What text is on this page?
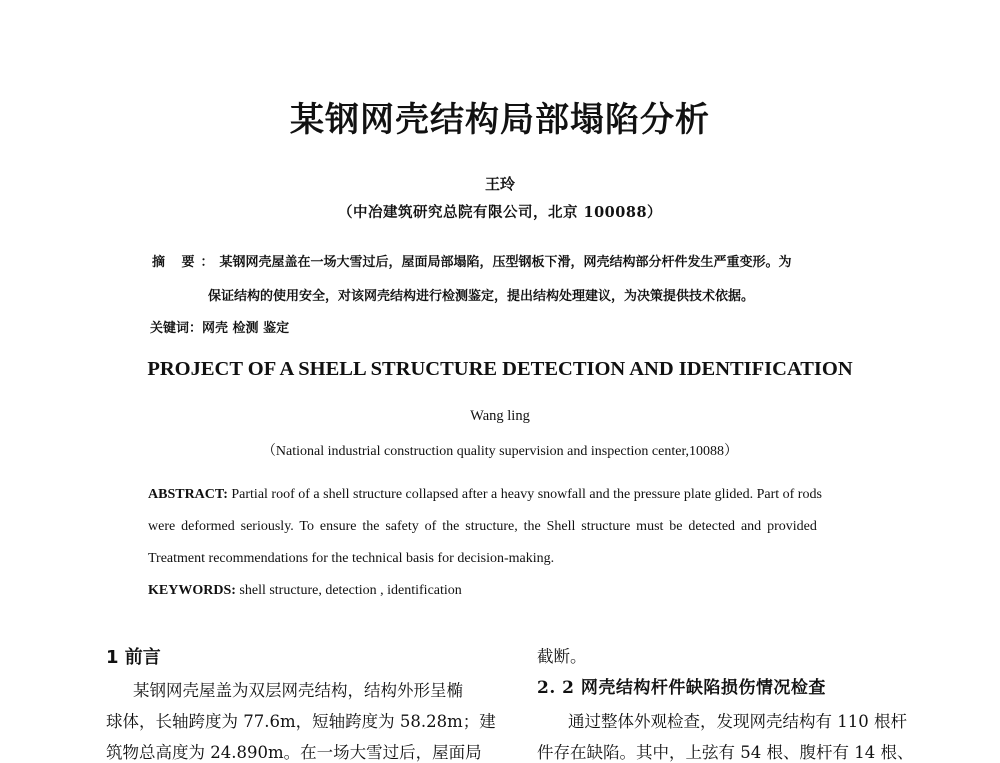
某钢网壳结构局部塌陷分析
王玲
（中冶建筑研究总院有限公司，北京 100088）
摘 要：某钢网壳屋盖在一场大雪过后，屋面局部塌陷，压型钢板下滑，网壳结构部分杆件发生严重变形。为
保证结构的使用安全，对该网壳结构进行检测鉴定，提出结构处理建议，为决策提供技术依据。
关键词：网壳 检测 鉴定
PROJECT OF A SHELL STRUCTURE DETECTION AND IDENTIFICATION
Wang ling
（National industrial construction quality supervision and inspection center,10088）
ABSTRACT: Partial roof of a shell structure collapsed after a heavy snowfall and the pressure plate glided. Part of rods
were deformed seriously. To ensure the safety of the structure, the Shell structure must be detected and provided
Treatment recommendations for the technical basis for decision-making.
KEYWORDS: shell structure, detection , identification
1 前言
某钢网壳屋盖为双层网壳结构，结构外形呈椭
球体，长轴跨度为 77.6m，短轴跨度为 58.28m；建
筑物总高度为 24.890m。在一场大雪过后，屋面局
截断。
2. 2 网壳结构杆件缺陷损伤情况检查
通过整体外观检查，发现网壳结构有 110 根杆
件存在缺陷。其中，上弦有 54 根、腹杆有 14 根、
